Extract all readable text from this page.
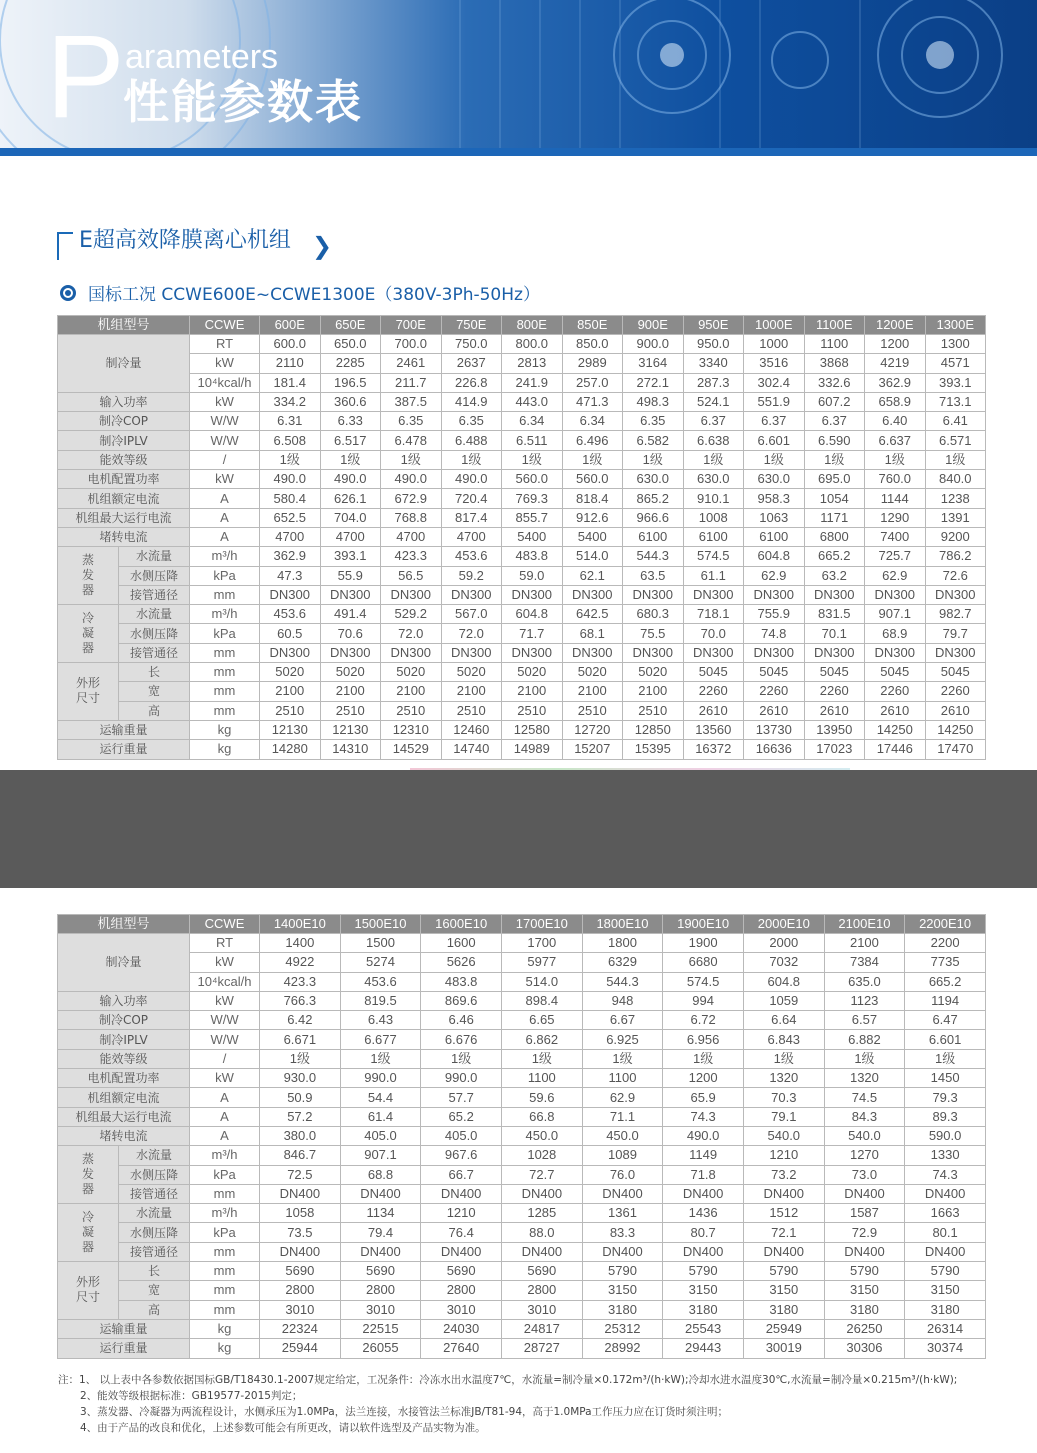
P arameters
性能参数表
E超高效降膜离心机组 ❯
国标工况 CCWE600E~CCWE1300E（380V-3Ph-50Hz）
机组型号		CCWE	600E	650E	700E	750E	800E	850E	900E	950E	1000E	1100E	1200E	1300E
制冷量		RT	600.0	650.0	700.0	750.0	800.0	850.0	900.0	950.0	1000	1100	1200	1300
		kW	2110	2285	2461	2637	2813	2989	3164	3340	3516	3868	4219	4571
		10⁴kcal/h	181.4	196.5	211.7	226.8	241.9	257.0	272.1	287.3	302.4	332.6	362.9	393.1
输入功率		kW	334.2	360.6	387.5	414.9	443.0	471.3	498.3	524.1	551.9	607.2	658.9	713.1
制冷COP		W/W	6.31	6.33	6.35	6.35	6.34	6.34	6.35	6.37	6.37	6.37	6.40	6.41
制冷IPLV		W/W	6.508	6.517	6.478	6.488	6.511	6.496	6.582	6.638	6.601	6.590	6.637	6.571
能效等级		/	1级	1级	1级	1级	1级	1级	1级	1级	1级	1级	1级	1级
电机配置功率		kW	490.0	490.0	490.0	490.0	560.0	560.0	630.0	630.0	630.0	695.0	760.0	840.0
机组额定电流		A	580.4	626.1	672.9	720.4	769.3	818.4	865.2	910.1	958.3	1054	1144	1238
机组最大运行电流		A	652.5	704.0	768.8	817.4	855.7	912.6	966.6	1008	1063	1171	1290	1391
堵转电流		A	4700	4700	4700	4700	5400	5400	6100	6100	6100	6800	7400	9200
蒸
发
器	水流量	m³/h	362.9	393.1	423.3	453.6	483.8	514.0	544.3	574.5	604.8	665.2	725.7	786.2
	水侧压降	kPa	47.3	55.9	56.5	59.2	59.0	62.1	63.5	61.1	62.9	63.2	62.9	72.6
	接管通径	mm	DN300	DN300	DN300	DN300	DN300	DN300	DN300	DN300	DN300	DN300	DN300	DN300
冷
凝
器	水流量	m³/h	453.6	491.4	529.2	567.0	604.8	642.5	680.3	718.1	755.9	831.5	907.1	982.7
	水侧压降	kPa	60.5	70.6	72.0	72.0	71.7	68.1	75.5	70.0	74.8	70.1	68.9	79.7
	接管通径	mm	DN300	DN300	DN300	DN300	DN300	DN300	DN300	DN300	DN300	DN300	DN300	DN300
外形
尺寸	长	mm	5020	5020	5020	5020	5020	5020	5020	5045	5045	5045	5045	5045
	宽	mm	2100	2100	2100	2100	2100	2100	2100	2260	2260	2260	2260	2260
	高	mm	2510	2510	2510	2510	2510	2510	2510	2610	2610	2610	2610	2610
运输重量		kg	12130	12130	12310	12460	12580	12720	12850	13560	13730	13950	14250	14250
运行重量		kg	14280	14310	14529	14740	14989	15207	15395	16372	16636	17023	17446	17470
机组型号		CCWE	1400E10	1500E10	1600E10	1700E10	1800E10	1900E10	2000E10	2100E10	2200E10
制冷量		RT	1400	1500	1600	1700	1800	1900	2000	2100	2200
		kW	4922	5274	5626	5977	6329	6680	7032	7384	7735
		10⁴kcal/h	423.3	453.6	483.8	514.0	544.3	574.5	604.8	635.0	665.2
输入功率		kW	766.3	819.5	869.6	898.4	948	994	1059	1123	1194
制冷COP		W/W	6.42	6.43	6.46	6.65	6.67	6.72	6.64	6.57	6.47
制冷IPLV		W/W	6.671	6.677	6.676	6.862	6.925	6.956	6.843	6.882	6.601
能效等级		/	1级	1级	1级	1级	1级	1级	1级	1级	1级
电机配置功率		kW	930.0	990.0	990.0	1100	1100	1200	1320	1320	1450
机组额定电流		A	50.9	54.4	57.7	59.6	62.9	65.9	70.3	74.5	79.3
机组最大运行电流		A	57.2	61.4	65.2	66.8	71.1	74.3	79.1	84.3	89.3
堵转电流		A	380.0	405.0	405.0	450.0	450.0	490.0	540.0	540.0	590.0
蒸
发
器	水流量	m³/h	846.7	907.1	967.6	1028	1089	1149	1210	1270	1330
	水侧压降	kPa	72.5	68.8	66.7	72.7	76.0	71.8	73.2	73.0	74.3
	接管通径	mm	DN400	DN400	DN400	DN400	DN400	DN400	DN400	DN400	DN400
冷
凝
器	水流量	m³/h	1058	1134	1210	1285	1361	1436	1512	1587	1663
	水侧压降	kPa	73.5	79.4	76.4	88.0	83.3	80.7	72.1	72.9	80.1
	接管通径	mm	DN400	DN400	DN400	DN400	DN400	DN400	DN400	DN400	DN400
外形
尺寸	长	mm	5690	5690	5690	5690	5790	5790	5790	5790	5790
	宽	mm	2800	2800	2800	2800	3150	3150	3150	3150	3150
	高	mm	3010	3010	3010	3010	3180	3180	3180	3180	3180
运输重量		kg	22324	22515	24030	24817	25312	25543	25949	26250	26314
运行重量		kg	25944	26055	27640	28727	28992	29443	30019	30306	30374
注：1、 以上表中各参数依据国标GB/T18430.1-2007规定给定，工况条件：冷冻水出水温度7℃，水流量=制冷量×0.172m³/(h·kW);冷却水进水温度30℃,水流量=制冷量×0.215m³/(h·kW);
2、能效等级根据标准：GB19577-2015判定；
3、蒸发器、冷凝器为两流程设计，水侧承压为1.0MPa，法兰连接，水接管法兰标准JB/T81-94，高于1.0MPa工作压力应在订货时须注明；
4、由于产品的改良和优化，上述参数可能会有所更改，请以软件选型及产品实物为准。
